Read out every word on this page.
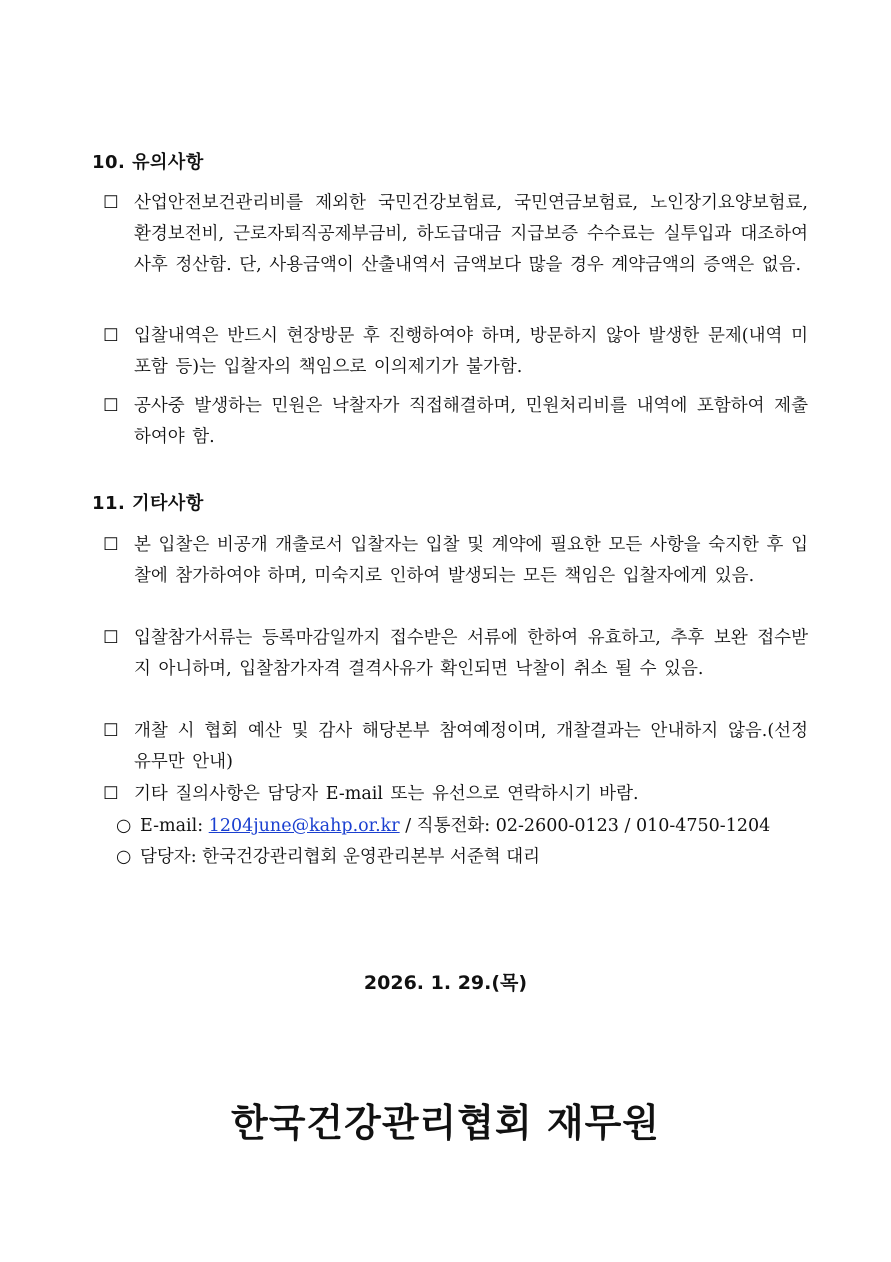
10. 유의사항
☐ 산업안전보건관리비를 제외한 국민건강보험료, 국민연금보험료, 노인장기요양보험료, 환경보전비, 근로자퇴직공제부금비, 하도급대금 지급보증 수수료는 실투입과 대조하여 사후 정산함. 단, 사용금액이 산출내역서 금액보다 많을 경우 계약금액의 증액은 없음.
☐ 입찰내역은 반드시 현장방문 후 진행하여야 하며, 방문하지 않아 발생한 문제(내역 미포함 등)는 입찰자의 책임으로 이의제기가 불가함.
☐ 공사중 발생하는 민원은 낙찰자가 직접해결하며, 민원처리비를 내역에 포함하여 제출하여야 함.
11. 기타사항
☐ 본 입찰은 비공개 개출로서 입찰자는 입찰 및 계약에 필요한 모든 사항을 숙지한 후 입찰에 참가하여야 하며, 미숙지로 인하여 발생되는 모든 책임은 입찰자에게 있음.
☐ 입찰참가서류는 등록마감일까지 접수받은 서류에 한하여 유효하고, 추후 보완 접수받지 아니하며, 입찰참가자격 결격사유가 확인되면 낙찰이 취소 될 수 있음.
☐ 개찰 시 협회 예산 및 감사 해당본부 참여예정이며, 개찰결과는 안내하지 않음.(선정 유무만 안내)
☐ 기타 질의사항은 담당자 E-mail 또는 유선으로 연락하시기 바람.
○ E-mail: 1204june@kahp.or.kr / 직통전화: 02-2600-0123 / 010-4750-1204
○ 담당자: 한국건강관리협회 운영관리본부 서준혁 대리
2026. 1. 29.(목)
한국건강관리협회 재무원
